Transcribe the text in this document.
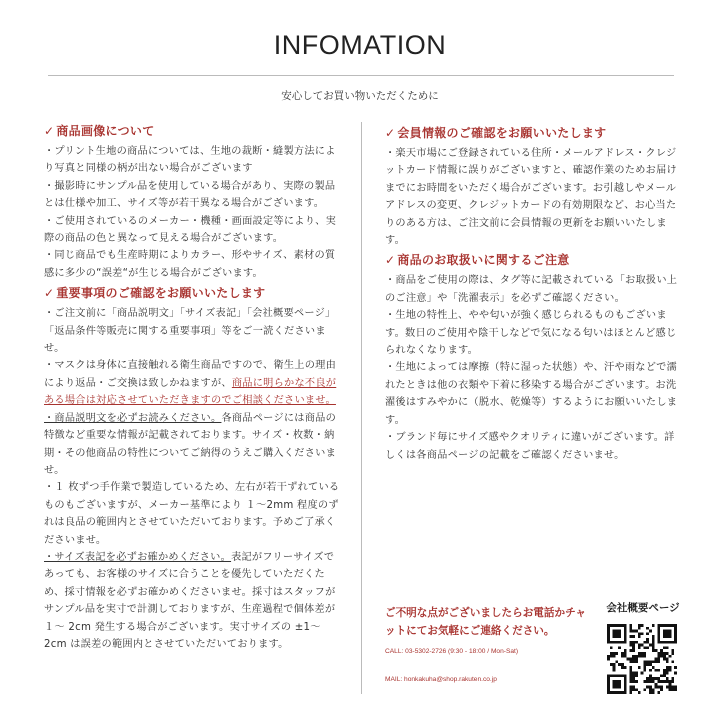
INFOMATION
安心してお買い物いただくために
✓ 商品画像について

・プリント生地の商品については、生地の裁断・縫製方法により写真と同様の柄が出ない場合がございます

・撮影時にサンプル品を使用している場合があり、実際の製品とは仕様や加工、サイズ等が若干異なる場合がございます。

・ご使用されているのメーカー・機種・画面設定等により、実際の商品の色と異なって見える場合がございます。

・同じ商品でも生産時期によりカラー、形やサイズ、素材の質感に多少の“誤差“が生じる場合がございます。

✓ 重要事項のご確認をお願いいたします

・ご注文前に「商品説明文」「サイズ表記」「会社概要ページ」「返品条件等販売に関する重要事項」等をご一読くださいませ。

・マスクは身体に直接触れる衛生商品ですので、衛生上の理由により返品・ご交換は致しかねますが、商品に明らかな不良がある場合は対応させていただきますのでご相談くださいませ。

・商品説明文を必ずお読みください。各商品ページには商品の特徴など重要な情報が記載されております。サイズ・枚数・納期・その他商品の特性についてご納得のうえご購入くださいませ。

・１ 枚ずつ手作業で製造しているため、左右が若干ずれているものもございますが、メーカー基準により １～2mm 程度のずれは良品の範囲内とさせていただいております。予めご了承くださいませ。

・サイズ表記を必ずお確かめください。表記がフリーサイズであっても、お客様のサイズに合うことを優先していただくため、採寸情報を必ずお確かめくださいませ。採寸はスタッフがサンプル品を実寸で計測しておりますが、生産過程で個体差が １～ 2cm 発生する場合がございます。実寸サイズの ±1～ 2cm は誤差の範囲内とさせていただいております。

✓ 会員情報のご確認をお願いいたします

・楽天市場にご登録されている住所・メールアドレス・クレジットカード情報に誤りがございますと、確認作業のためお届けまでにお時間をいただく場合がございます。お引越しやメールアドレスの変更、クレジットカードの有効期限など、お心当たりのある方は、ご注文前に会員情報の更新をお願いいたします。

✓ 商品のお取扱いに関するご注意

・商品をご使用の際は、タグ等に記載されている「お取扱い上のご注意」や「洗濯表示」を必ずご確認ください。

・生地の特性上、やや匂いが強く感じられるものもございます。数日のご使用や陰干しなどで気になる匂いはほとんど感じられなくなります。

・生地によっては摩擦（特に湿った状態）や、汗や雨などで濡れたときは他の衣類や下着に移染する場合がございます。お洗濯後はすみやかに（脱水、乾燥等）するようにお願いいたします。

・ブランド毎にサイズ感やクオリティに違いがございます。詳しくは各商品ページの記載をご確認くださいませ。

ご不明な点がございましたらお電話かチャットにてお気軽にご連絡ください。
CALL: 03-5302-2726 (9:30 - 18:00 / Mon-Sat)
MAIL: honkakuha@shop.rakuten.co.jp
会社概要ページ
